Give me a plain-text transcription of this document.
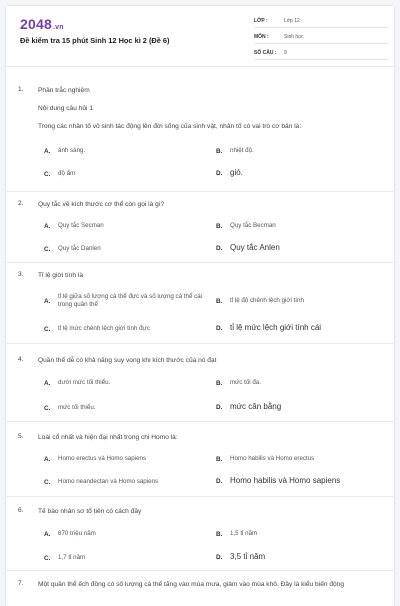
2048.vn
Đề kiểm tra 15 phút Sinh 12 Học kì 2 (Đề 6)
LỚP :	Lớp 12
MÔN :	Sinh học
SỐ CÂU :	9
1. Phần trắc nghiệm
Nội dung câu hỏi 1
Trong các nhân tố vô sinh tác động lên đời sống của sinh vật, nhân tố có vai trò cơ bản là:
A.	ánh sáng.	B.	nhiệt độ.
C.	độ ẩm	D. gió.
2. Quy tắc về kích thước cơ thể còn gọi là gì?
A.	Quy tắc Secman	B.	Quy tắc Becman
C.	Quy tắc Danlen	D. Quy tắc Anlen
3. Tỉ lệ giới tính là
A.
tỉ lệ giữa số lượng cá thể đực và số lượng cá thể cái trong quần thể	B.	tỉ lệ độ chênh lệch giới tính
C.	tỉ lệ mức chênh lệch giới tính đực	D. tỉ lệ mức lệch giới tính cái
4. Quần thể dễ có khả năng suy vong khi kích thước của nó đạt
A.	dưới mức tối thiểu.	B.	mức tối đa.
C.	mức tối thiểu.	D. mức cân bằng
5. Loài cổ nhất và hiện đại nhất trong chi Homo là:
A.	Homo erectus và Homo sapiens	B.	Homo habilis và Homo erectus
C.	Homo neandectan và Homo sapiens	D. Homo habilis và Homo sapiens
6. Tế bào nhân sơ tổ tiên có cách đây
A.	670 triệu năm	B.	1,5 tỉ năm
C.	1,7 tỉ năm	D. 3,5 tỉ năm
7. Một quần thể ếch đồng có số lượng cá thể tăng vào mùa mưa, giảm vào mùa khô. Đây là kiểu biến động
